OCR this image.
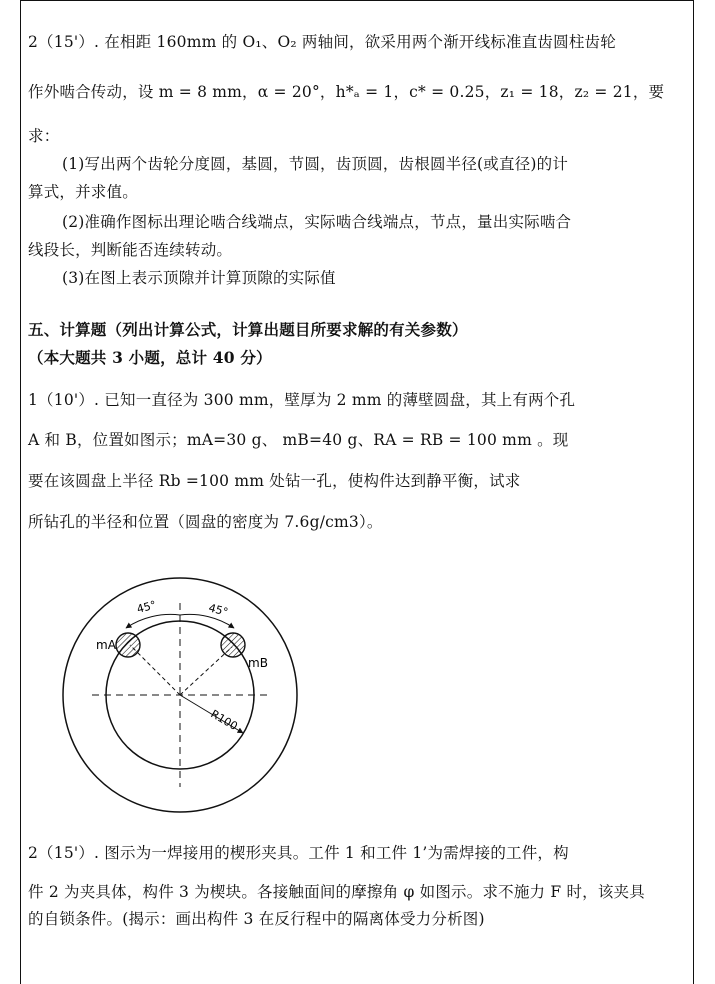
2（15'）. 在相距 160mm 的 O₁、O₂ 两轴间，欲采用两个渐开线标准直齿圆柱齿轮
作外啮合传动，设 m = 8 mm，α = 20°，h*ₐ = 1，c* = 0.25，z₁ = 18，z₂ = 21，要
求：
(1)写出两个齿轮分度圆，基圆，节圆，齿顶圆，齿根圆半径(或直径)的计
算式，并求值。
(2)准确作图标出理论啮合线端点，实际啮合线端点，节点，量出实际啮合
线段长，判断能否连续转动。
(3)在图上表示顶隙并计算顶隙的实际值
五、计算题（列出计算公式，计算出题目所要求解的有关参数）
（本大题共 3 小题，总计 40 分）
1（10'）. 已知一直径为 300 mm，壁厚为 2 mm 的薄壁圆盘，其上有两个孔
A 和 B，位置如图示；mA=30 g、 mB=40 g、RA = RB = 100 mm 。现
要在该圆盘上半径 Rb =100 mm 处钻一孔，使构件达到静平衡，试求
所钻孔的半径和位置（圆盘的密度为 7.6g/cm3）。
45°	45°
mA
mB
R100
2（15'）. 图示为一焊接用的楔形夹具。工件 1 和工件 1’为需焊接的工件，构
件 2 为夹具体，构件 3 为楔块。各接触面间的摩擦角 φ 如图示。求不施力 F 时，该夹具
的自锁条件。(揭示：画出构件 3 在反行程中的隔离体受力分析图)
